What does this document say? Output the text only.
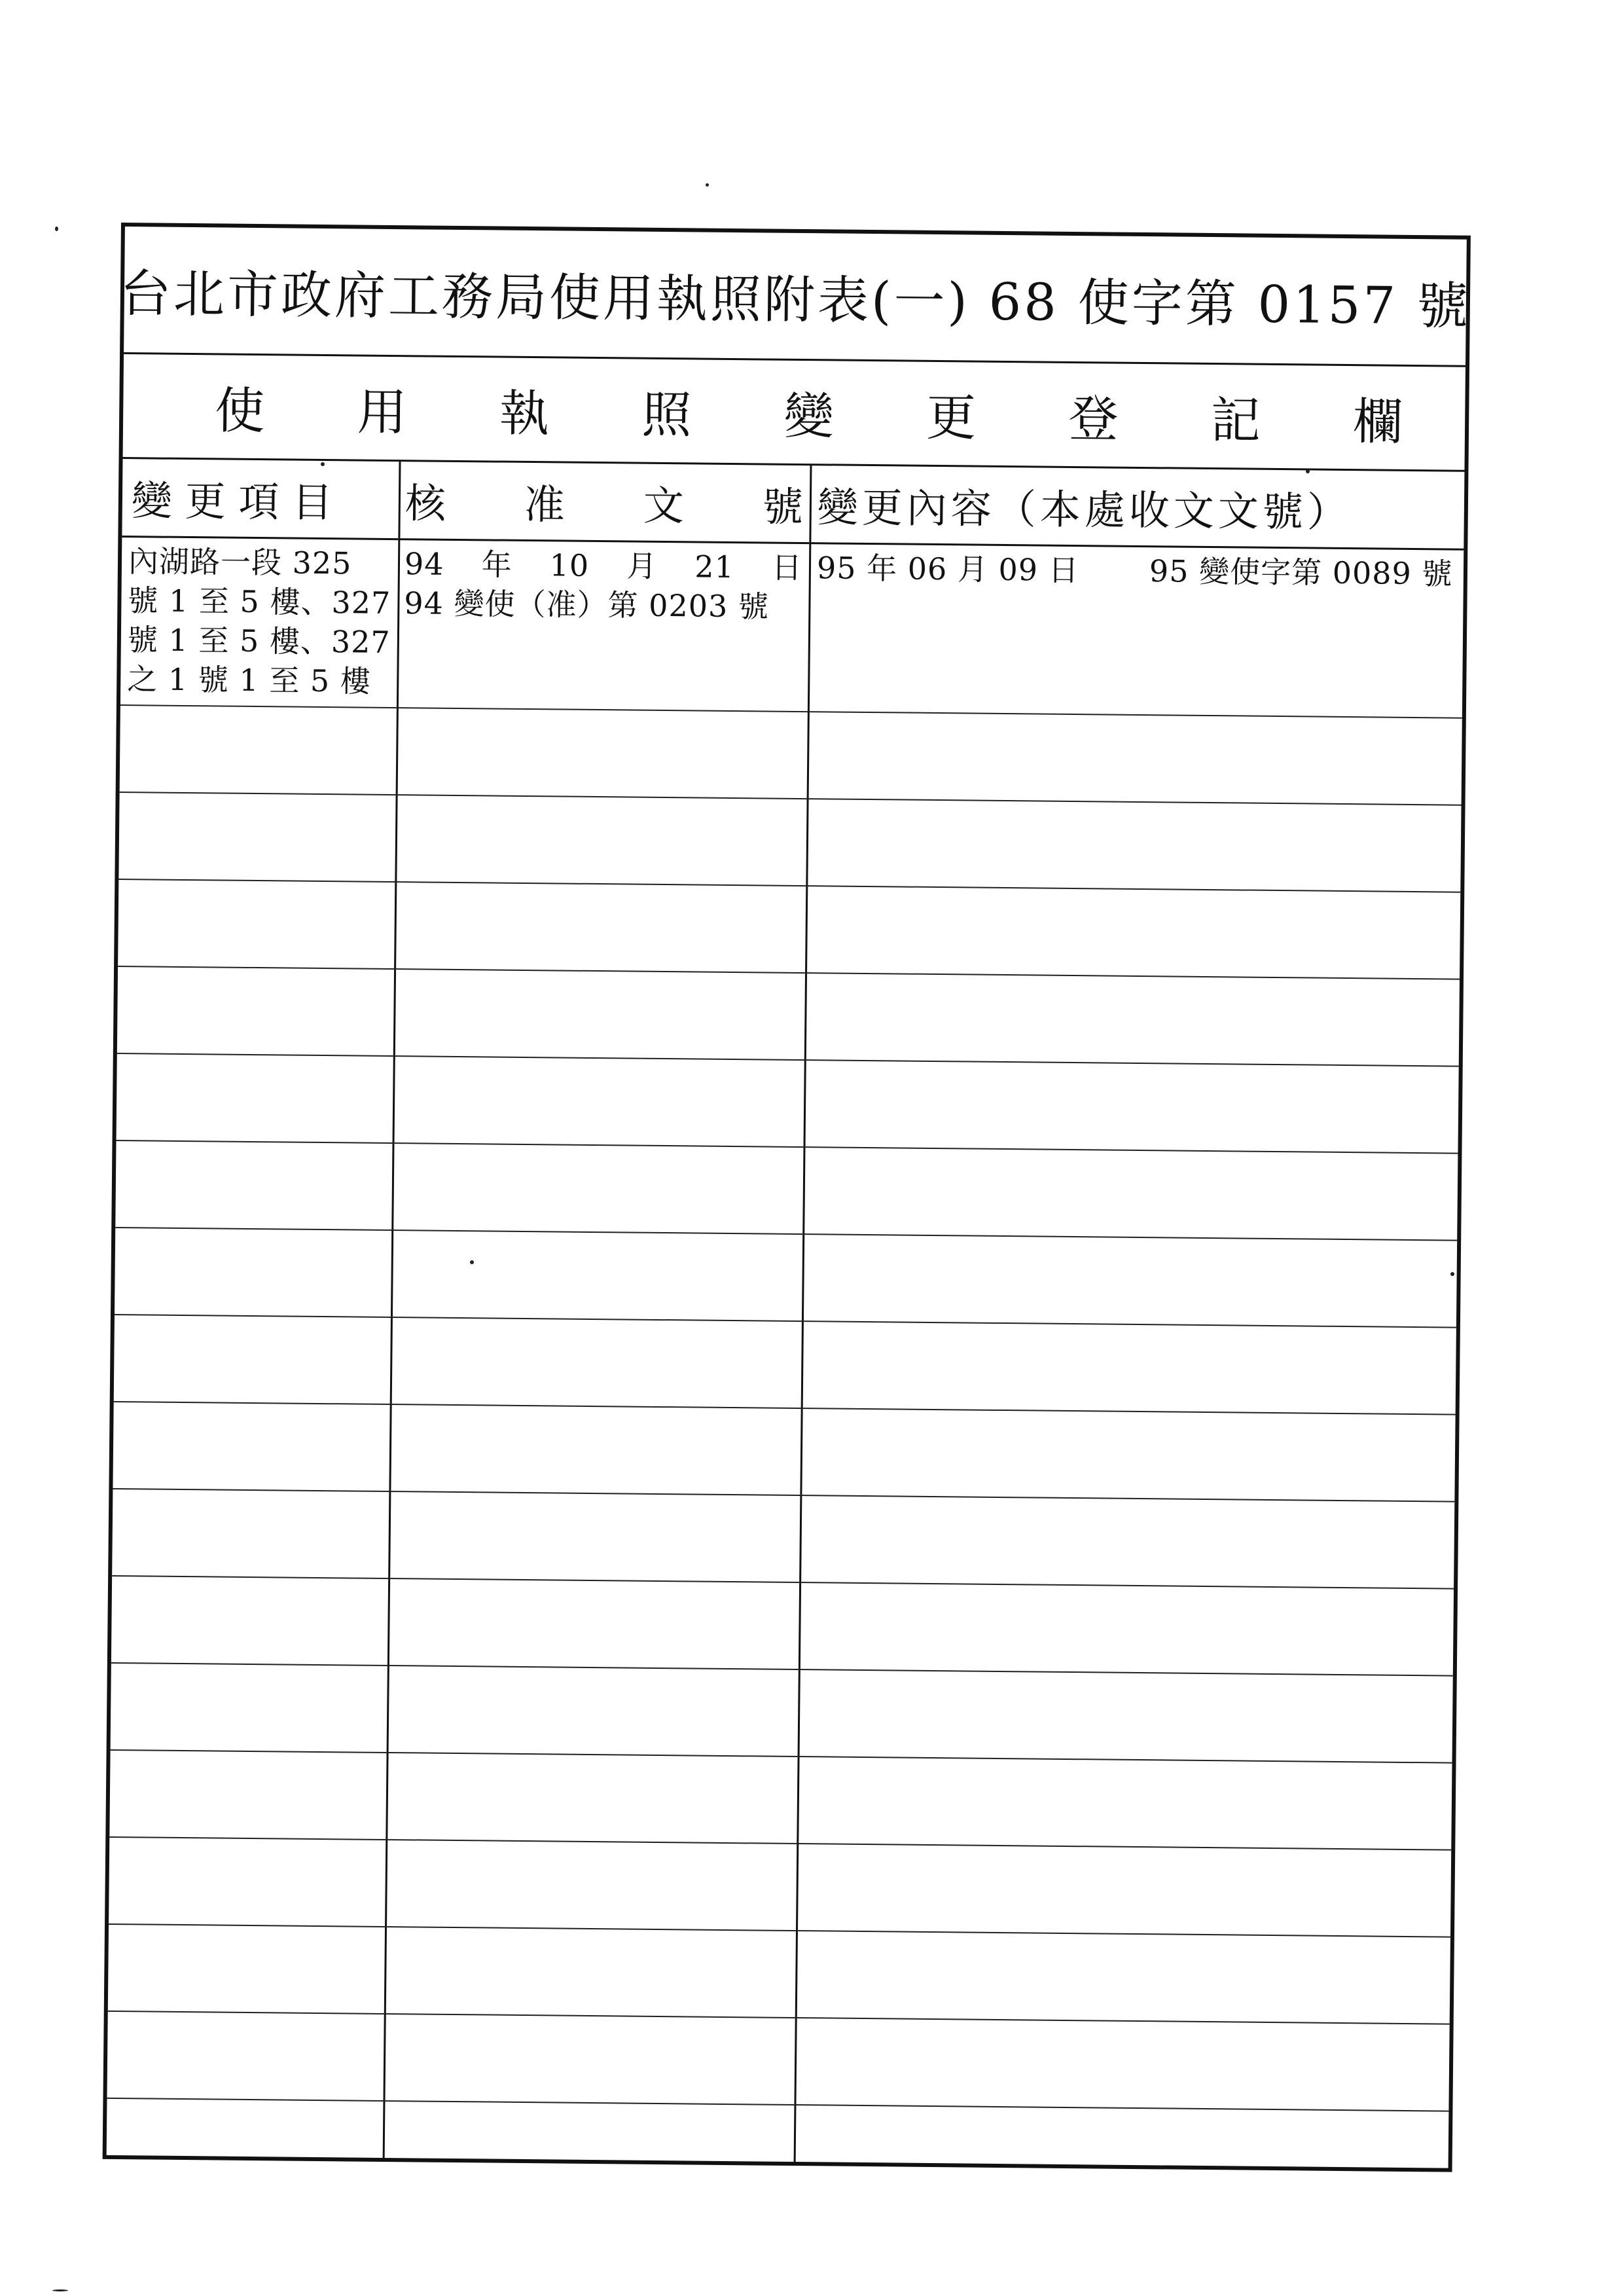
台北市政府工務局使用執照附表(一) 68 使字第 0157 號
使 用 執 照 變 更 登 記 欄
變 更 項 目 核 准 文 號 變更內容（本處收文文號）
內湖路一段 325
號 1 至 5 樓、327
號 1 至 5 樓、327
之 1 號 1 至 5 樓
94 年 10 月 21 日
94 變使（准）第 0203 號
95 年 06 月 09 日 95 變使字第 0089 號
